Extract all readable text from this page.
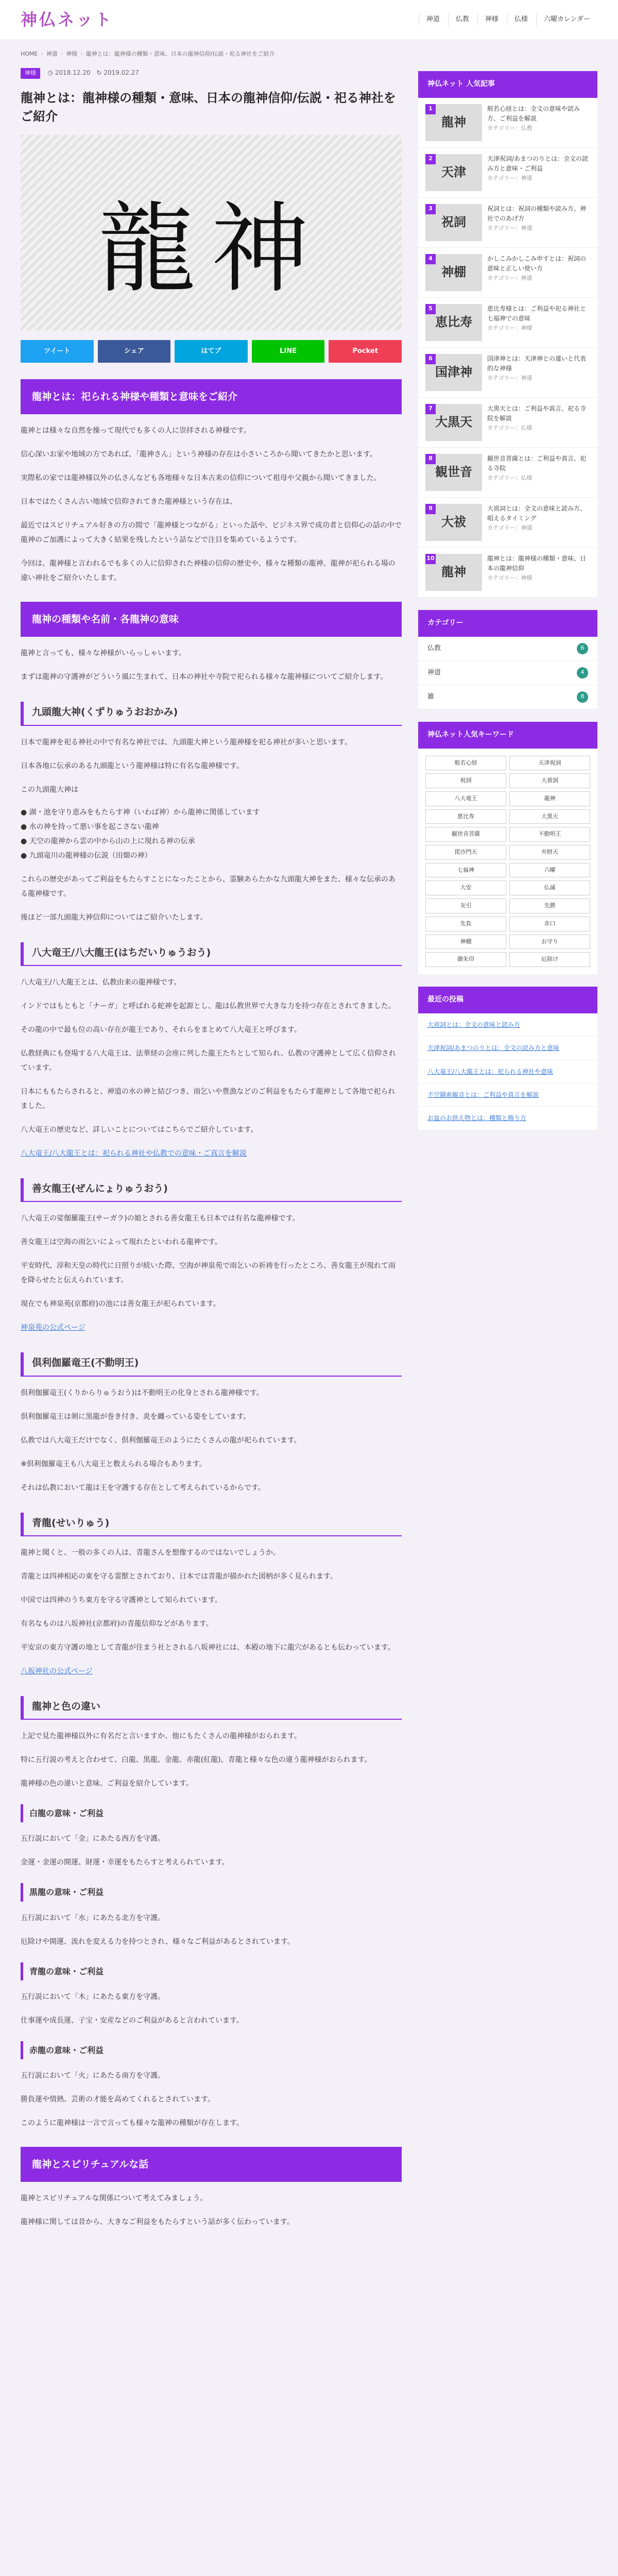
神仏ネット	神道	仏教	神様	仏様	六曜カレンダー
HOME › 神道 › 神様 › 龍神とは：龍神様の種類・意味、日本の龍神信仰/伝説・祀る神社をご紹介
神様 ◷ 2018.12.20　↻ 2019.02.27
龍神とは：龍神様の種類・意味、日本の龍神信仰/伝説・祀る神社をご紹介
龍神
ツイート	シェア	はてブ	LINE	Pocket
龍神とは：祀られる神様や種類と意味をご紹介
龍神とは様々な自然を操って現代でも多くの人に崇拝される神様です。
信心深いお家や地域の方であれば、「龍神さん」という神様の存在は小さいころから聞いてきたかと思います。
実際私の家では龍神様以外の仏さんなども各地様々な日本古来の信仰について祖母や父親から聞いてきました。
日本ではたくさん古い地域で信仰されてきた龍神様という存在は、
最近ではスピリチュアル好きの方の間で「龍神様とつながる」といった話や、ビジネス界で成功者と信仰心の話の中で龍神のご加護によって大きく結果を残したという話などで注目を集めているようです。
今回は、龍神様と言われるでも多くの人に信仰された神様の信仰の歴史や、様々な種類の龍神、龍神が祀られる場の違い神社をご紹介いたします。
龍神の種類や名前・各龍神の意味
龍神と言っても、様々な神様がいらっしゃいます。
まずは龍神の守護神がどういう風に生まれて、日本の神社や寺院で祀られる様々な龍神様についてご紹介します。
九頭龍大神(くずりゅうおおかみ)
日本で龍神を祀る神社の中で有名な神社では、九頭龍大神という龍神様を祀る神社が多いと思います。
日本各地に伝承のある九頭龍という龍神様は特に有名な龍神様です。
この九頭龍大神は
● 湖・池を守り恵みをもたらす神（いわば神）から龍神に関係しています
● 水の神を持って悪い事を起こさない龍神
● 天空の龍神から雲の中から山の上に現れる神の伝承
● 九頭竜川の龍神様の伝説（田畑の神）
これらの歴史があってご利益をもたらすことになったことから、霊験あらたかな九頭龍大神をまた、様々な伝承のある龍神様です。
後ほど一部九頭龍大神信仰についてはご紹介いたします。
八大竜王/八大龍王(はちだいりゅうおう)
八大竜王/八大龍王とは、仏教由来の龍神様です。
インドではもともと「ナーガ」と呼ばれる蛇神を起源とし、龍は仏教世界で大きな力を持つ存在とされてきました。
その龍の中で最も位の高い存在が龍王であり、それらをまとめて八大竜王と呼びます。
仏教経典にも登場する八大竜王は、法華経の会座に列した龍王たちとして知られ、仏教の守護神として広く信仰されています。
日本にももたらされると、神道の水の神と結びつき、雨乞いや豊漁などのご利益をもたらす龍神として各地で祀られました。
八大竜王の歴史など、詳しいことについてはこちらでご紹介しています。
八大竜王/八大龍王とは：祀られる神社や仏教での意味・ご真言を解説
善女龍王(ぜんにょりゅうおう)
八大竜王の娑伽羅龍王(サーガラ)の娘とされる善女龍王も日本では有名な龍神様です。
善女龍王は空海の雨乞いによって現れたといわれる龍神です。
平安時代、淳和天皇の時代に日照りが続いた際、空海が神泉苑で雨乞いの祈祷を行ったところ、善女龍王が現れて雨を降らせたと伝えられています。
現在でも神泉苑(京都府)の池には善女龍王が祀られています。
神泉苑の公式ページ
倶利伽羅竜王(不動明王)
倶利伽羅竜王(くりからりゅうおう)は不動明王の化身とされる龍神様です。
倶利伽羅竜王は剣に黒龍が巻き付き、炎を纏っている姿をしています。
仏教では八大竜王だけでなく、倶利伽羅竜王のようにたくさんの龍が祀られています。
※倶利伽羅竜王も八大竜王と数えられる場合もあります。
それは仏教において龍は王を守護する存在として考えられているからです。
青龍(せいりゅう)
龍神と聞くと、一般の多くの人は、青龍さんを想像するのではないでしょうか。
青龍とは四神相応の東を守る霊獣とされており、日本では青龍が描かれた図柄が多く見られます。
中国では四神のうち東方を守る守護神として知られています。
有名なものは八坂神社(京都府)の青龍信仰などがあります。
平安京の東方守護の地として青龍が住まう社とされる八坂神社には、本殿の地下に龍穴があるとも伝わっています。
八坂神社の公式ページ
龍神と色の違い
上記で見た龍神様以外に有名だと言いますか、他にもたくさんの龍神様がおられます。
特に五行説の考えと合わせて、白龍、黒龍、金龍、赤龍(紅龍)、青龍と様々な色の違う龍神様がおられます。
龍神様の色の違いと意味、ご利益を紹介しています。
白龍の意味・ご利益
五行説において「金」にあたる西方を守護。
金運・金運の開運、財運・幸運をもたらすと考えられています。
黒龍の意味・ご利益
五行説において「水」にあたる北方を守護。
厄除けや開運、流れを変える力を持つとされ、様々なご利益があるとされています。
青龍の意味・ご利益
五行説において「木」にあたる東方を守護。
仕事運や成長運、子宝・安産などのご利益があると言われています。
赤龍の意味・ご利益
五行説において「火」にあたる南方を守護。
勝負運や情熱、芸術の才能を高めてくれるとされています。
このように龍神様は一言で言っても様々な龍神の種類が存在します。
龍神とスピリチュアルな話
龍神とスピリチュアルな関係について考えてみましょう。
龍神様に関しては昔から、大きなご利益をもたらすという話が多く伝わっています。
神仏ネット 人気記事
1
龍神
般若心経とは：全文の意味や読み方、ご利益を解説
カテゴリー：仏教
2
天津
天津祝詞/あまつのりとは：全文の読み方と意味・ご利益
カテゴリー：神道
3
祝詞
祝詞とは：祝詞の種類や読み方、神社でのあげ方
カテゴリー：神道
4
神棚
かしこみかしこみ申すとは：祝詞の意味と正しい使い方
カテゴリー：神道
5
恵比寿
恵比寿様とは：ご利益や祀る神社と七福神での意味
カテゴリー：神様
6
国津神
国津神とは：天津神との違いと代表的な神様
カテゴリー：神道
7
大黒天
大黒天とは：ご利益や真言、祀る寺院を解説
カテゴリー：仏様
8
観世音
観世音菩薩とは：ご利益や真言、祀る寺院
カテゴリー：仏様
9
大祓
大祓詞とは：全文の意味と読み方、唱えるタイミング
カテゴリー：神道
10
龍神
龍神とは：龍神様の種類・意味、日本の龍神信仰
カテゴリー：神様
カテゴリー
仏教	6
神道	4
雑	8
神仏ネット人気キーワード
般若心経	天津祝詞
祝詞	大祓詞
八大竜王	龍神
恵比寿	大黒天
観世音菩薩	不動明王
毘沙門天	弁財天
七福神	六曜
大安	仏滅
友引	先勝
先負	赤口
神棚	お守り
御朱印	厄除け
最近の投稿
大祓詞とは：全文の意味と読み方
天津祝詞/あまつのりとは：全文の読み方と意味
八大竜王/八大龍王とは：祀られる神社や意味
不空羂索観音とは：ご利益や真言を解説
お盆のお供え物とは：種類と飾り方
